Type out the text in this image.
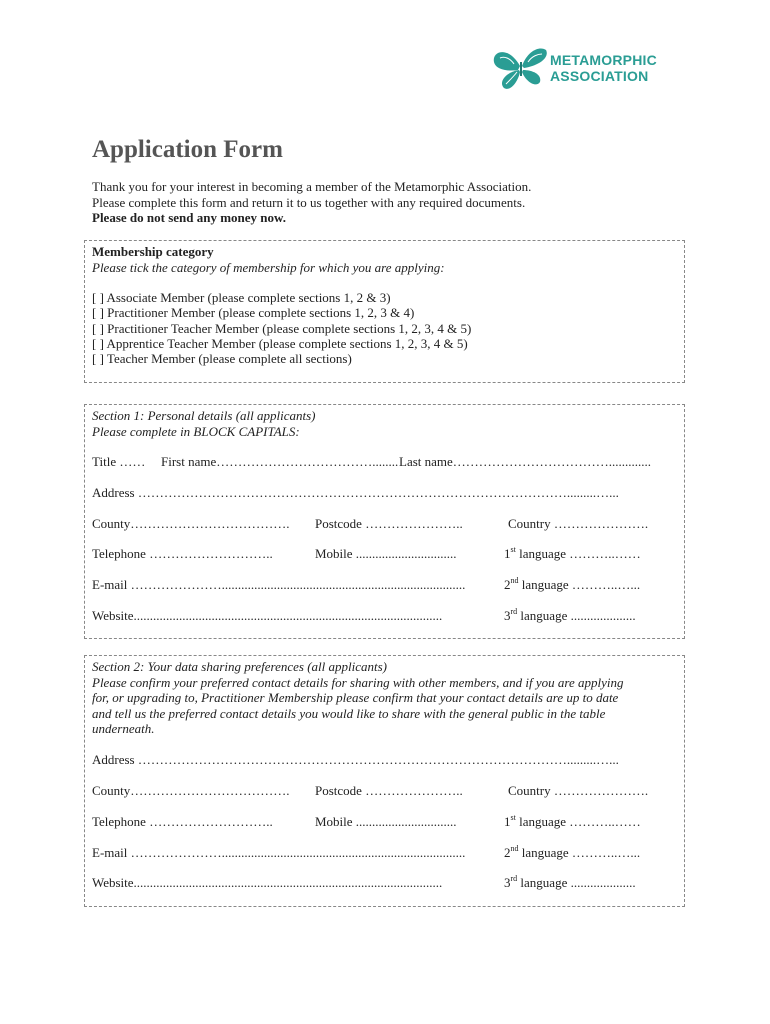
METAMORPHIC
ASSOCIATION
Application Form
Thank you for your interest in becoming a member of the Metamorphic Association.
Please complete this form and return it to us together with any required documents.
Please do not send any money now.
Membership category
Please tick the category of membership for which you are applying:
[ ] Associate Member (please complete sections 1, 2 & 3)
[ ] Practitioner Member (please complete sections 1, 2, 3 & 4)
[ ] Practitioner Teacher Member (please complete sections 1, 2, 3, 4 & 5)
[ ] Apprentice Teacher Member (please complete sections 1, 2, 3, 4 & 5)
[ ] Teacher Member (please complete all sections)
Section 1: Personal details (all applicants)
Please complete in BLOCK CAPITALS:
Title …… First name………………………………........ Last name……………………………….............
Address ……………………………………………………………………………………….........…...
County………………………………. Postcode …………………..	Country ………………….
Telephone ………………………..	Mobile ...............................	1st language ………..……
E-mail …………………...........................................................................	2nd language ………..…...
Website...............................................................................................	3rd language ....................
Section 2: Your data sharing preferences (all applicants)
Please confirm your preferred contact details for sharing with other members, and if you are applying
for, or upgrading to, Practitioner Membership please confirm that your contact details are up to date
and tell us the preferred contact details you would like to share with the general public in the table
underneath.
Address ……………………………………………………………………………………….........…...
County………………………………. Postcode …………………..	Country ………………….
Telephone ………………………..	Mobile ...............................	1st language ………..……
E-mail …………………...........................................................................	2nd language ………..…...
Website...............................................................................................	3rd language ....................
